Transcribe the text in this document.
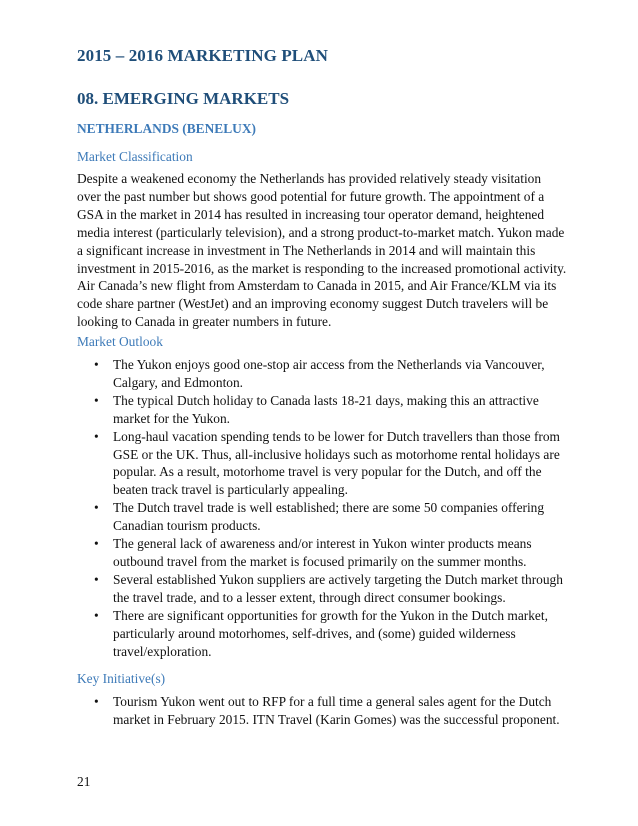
2015 – 2016 MARKETING PLAN
08. EMERGING MARKETS
NETHERLANDS (BENELUX)

Market Classification

Despite a weakened economy the Netherlands has provided relatively steady visitation over the past number but shows good potential for future growth. The appointment of a GSA in the market in 2014 has resulted in increasing tour operator demand, heightened media interest (particularly television), and a strong product-to-market match. Yukon made a significant increase in investment in The Netherlands in 2014 and will maintain this investment in 2015-2016, as the market is responding to the increased promotional activity. Air Canada’s new flight from Amsterdam to Canada in 2015, and Air France/KLM via its code share partner (WestJet) and an improving economy suggest Dutch travelers will be looking to Canada in greater numbers in future.

Market Outlook

• The Yukon enjoys good one-stop air access from the Netherlands via Vancouver, Calgary, and Edmonton.
• The typical Dutch holiday to Canada lasts 18-21 days, making this an attractive market for the Yukon.
• Long-haul vacation spending tends to be lower for Dutch travellers than those from GSE or the UK. Thus, all-inclusive holidays such as motorhome rental holidays are popular. As a result, motorhome travel is very popular for the Dutch, and off the beaten track travel is particularly appealing.
• The Dutch travel trade is well established; there are some 50 companies offering Canadian tourism products.
• The general lack of awareness and/or interest in Yukon winter products means outbound travel from the market is focused primarily on the summer months.
• Several established Yukon suppliers are actively targeting the Dutch market through the travel trade, and to a lesser extent, through direct consumer bookings.
• There are significant opportunities for growth for the Yukon in the Dutch market, particularly around motorhomes, self-drives, and (some) guided wilderness travel/exploration.

Key Initiative(s)

• Tourism Yukon went out to RFP for a full time a general sales agent for the Dutch market in February 2015. ITN Travel (Karin Gomes) was the successful proponent.
21
